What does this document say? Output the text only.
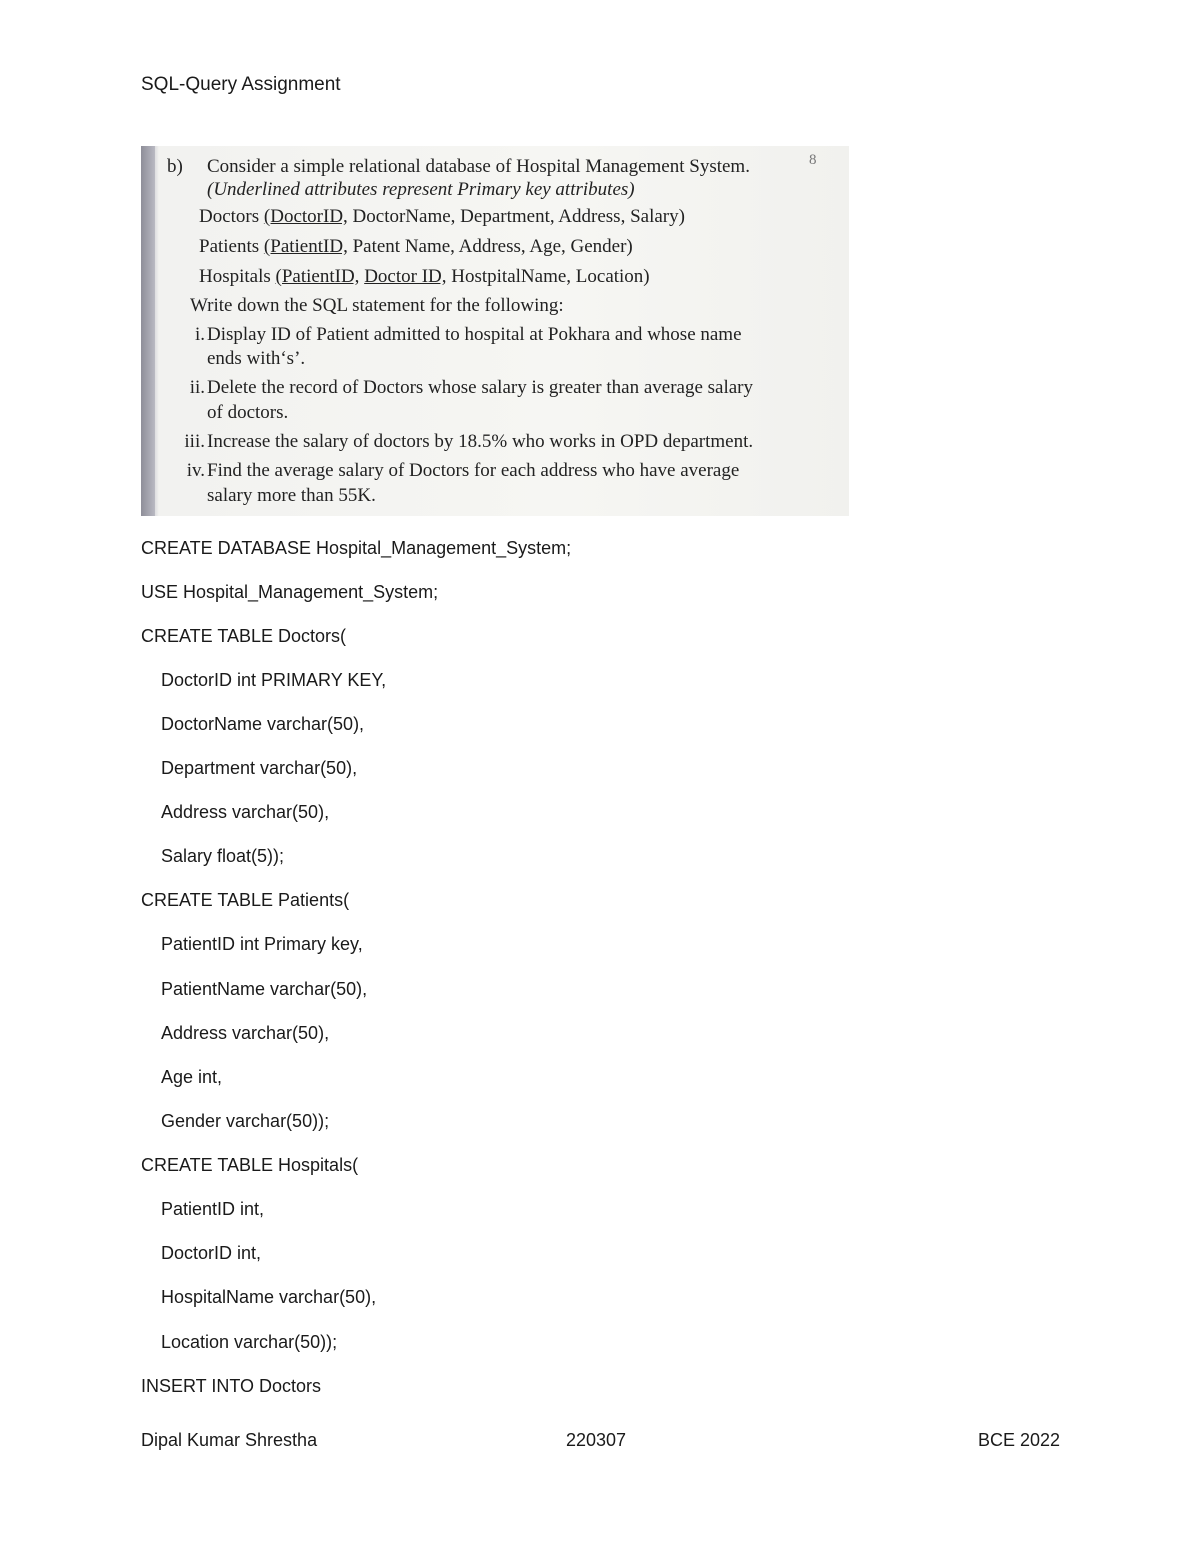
SQL-Query Assignment
b) Consider a simple relational database of Hospital Management System.	8
(Underlined attributes represent Primary key attributes)
Doctors (DoctorID, DoctorName, Department, Address, Salary)
Patients (PatientID, Patent Name, Address, Age, Gender)
Hospitals (PatientID, Doctor ID, HostpitalName, Location)
Write down the SQL statement for the following:
i. Display ID of Patient admitted to hospital at Pokhara and whose name
ends with‘s’.
ii. Delete the record of Doctors whose salary is greater than average salary
of doctors.
iii. Increase the salary of doctors by 18.5% who works in OPD department.
iv. Find the average salary of Doctors for each address who have average
salary more than 55K.
CREATE DATABASE Hospital_Management_System;
USE Hospital_Management_System;
CREATE TABLE Doctors(
DoctorID int PRIMARY KEY,
DoctorName varchar(50),
Department varchar(50),
Address varchar(50),
Salary float(5));
CREATE TABLE Patients(
PatientID int Primary key,
PatientName varchar(50),
Address varchar(50),
Age int,
Gender varchar(50));
CREATE TABLE Hospitals(
PatientID int,
DoctorID int,
HospitalName varchar(50),
Location varchar(50));
INSERT INTO Doctors
Dipal Kumar Shrestha	220307	BCE 2022
